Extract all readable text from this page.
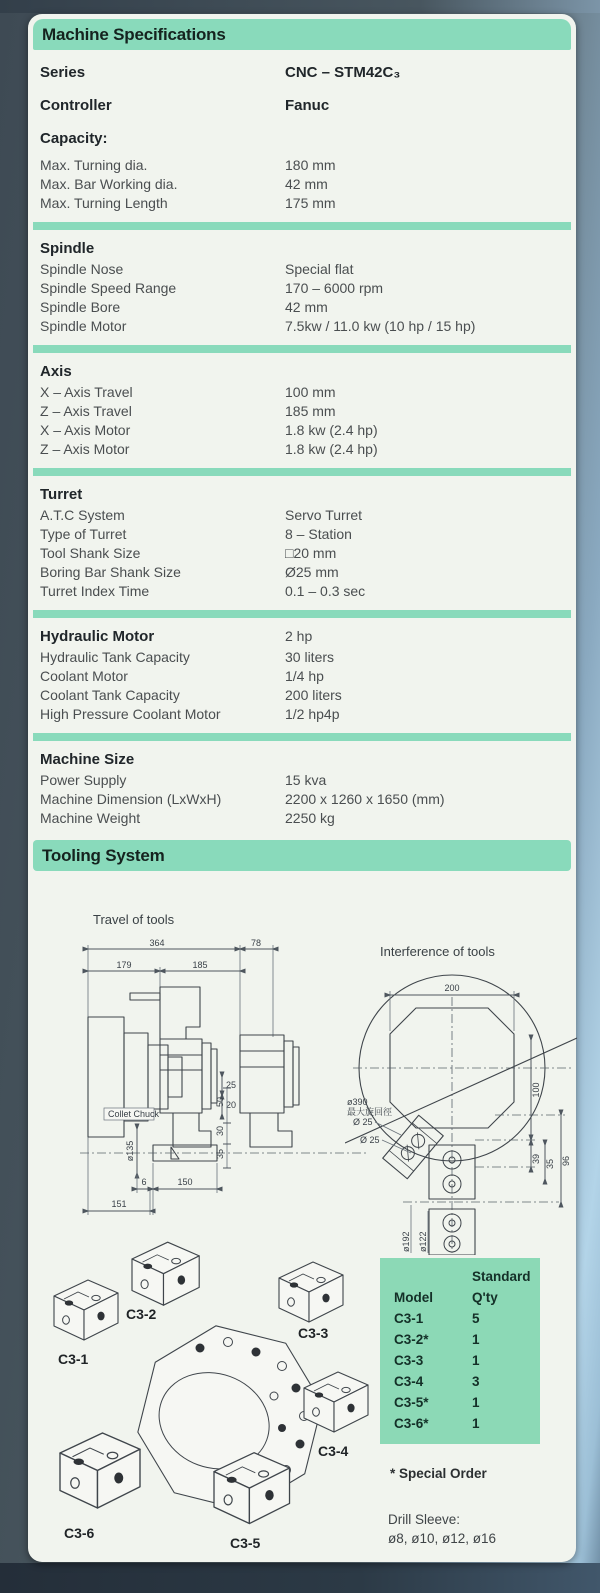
Machine Specifications
Series	CNC – STM42C₃
Controller	Fanuc
Capacity:
Max. Turning dia.	180 mm
Max. Bar Working dia.	42 mm
Max. Turning Length	175 mm
Spindle
Spindle Nose	Special flat
Spindle Speed Range	170 – 6000 rpm
Spindle Bore	42 mm
Spindle Motor	7.5kw / 11.0 kw (10 hp / 15 hp)
Axis
X – Axis Travel	100 mm
Z – Axis Travel	185 mm
X – Axis Motor	1.8 kw (2.4 hp)
Z – Axis Motor	1.8 kw (2.4 hp)
Turret
A.T.C System	Servo Turret
Type of Turret	8 – Station
Tool Shank Size	□20 mm
Boring Bar Shank Size	Ø25 mm
Turret Index Time	0.1 – 0.3 sec
Hydraulic Motor	2 hp
Hydraulic Tank Capacity	30 liters
Coolant Motor	1/4 hp
Coolant Tank Capacity	200 liters
High Pressure Coolant Motor	1/2 hp4p
Machine Size
Power Supply	15 kva
Machine Dimension (LxWxH)	2200 x 1260 x 1650 (mm)
Machine Weight	2250 kg
Tooling System
Travel of tools
364	78
179	185
Collet Chuck
ø135
25
20
50
30
35
6	150
151
Interference of tools
200
ø390
最大旋回徑
Ø 25
Ø 25
ø192 ø122
100
39 35 96
C3-1
C3-2
C3-3
C3-4
C3-5
C3-6
Standard
Model	Q'ty
C3-1	5
C3-2*	1
C3-3	1
C3-4	3
C3-5*	1
C3-6*	1
* Special Order
Drill Sleeve:
ø8, ø10, ø12, ø16
